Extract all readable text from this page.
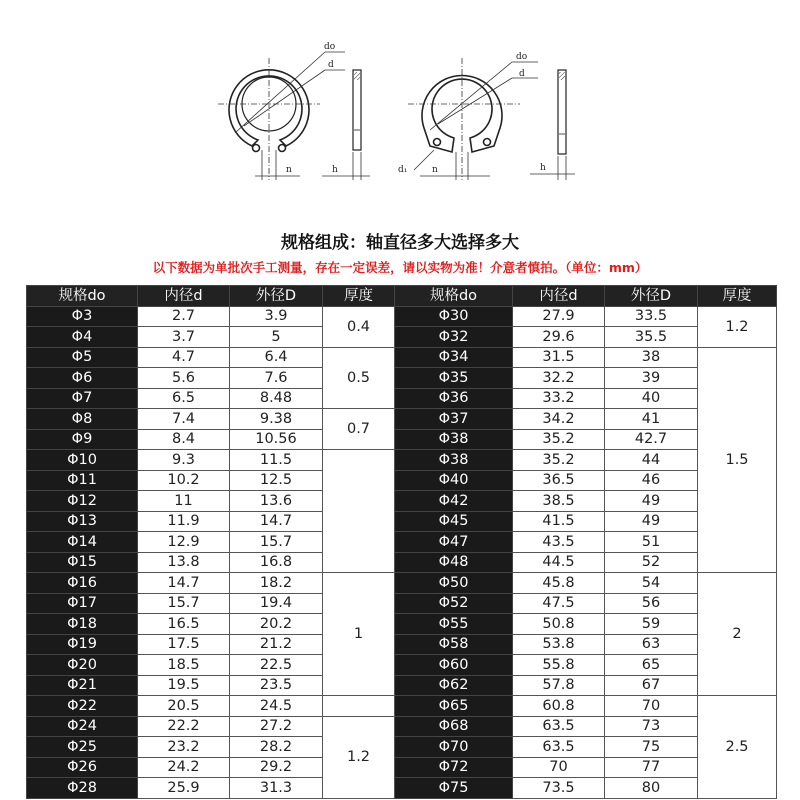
do
d
n	h
do
d
n
d₁	h
规格组成：轴直径多大选择多大
以下数据为单批次手工测量，存在一定误差，请以实物为准！介意者慎拍。（单位：mm）
规格do	内径d	外径D	厚度	规格do	内径d	外径D	厚度
Φ3	2.7	3.9	0.4	Φ30	27.9	33.5	1.2
Φ4	3.7	5		Φ32	29.6	35.5	
Φ5	4.7	6.4	0.5	Φ34	31.5	38	1.5
Φ6	5.6	7.6		Φ35	32.2	39	
Φ7	6.5	8.48		Φ36	33.2	40	
Φ8	7.4	9.38	0.7	Φ37	34.2	41	
Φ9	8.4	10.56		Φ38	35.2	42.7	
Φ10	9.3	11.5		Φ38	35.2	44	
Φ11	10.2	12.5		Φ40	36.5	46	
Φ12	11	13.6		Φ42	38.5	49	
Φ13	11.9	14.7		Φ45	41.5	49	
Φ14	12.9	15.7		Φ47	43.5	51	
Φ15	13.8	16.8		Φ48	44.5	52	
Φ16	14.7	18.2	1	Φ50	45.8	54	2
Φ17	15.7	19.4		Φ52	47.5	56	
Φ18	16.5	20.2		Φ55	50.8	59	
Φ19	17.5	21.2		Φ58	53.8	63	
Φ20	18.5	22.5		Φ60	55.8	65	
Φ21	19.5	23.5		Φ62	57.8	67	
Φ22	20.5	24.5		Φ65	60.8	70	2.5
Φ24	22.2	27.2	1.2	Φ68	63.5	73	
Φ25	23.2	28.2		Φ70	63.5	75	
Φ26	24.2	29.2		Φ72	70	77	
Φ28	25.9	31.3		Φ75	73.5	80	
